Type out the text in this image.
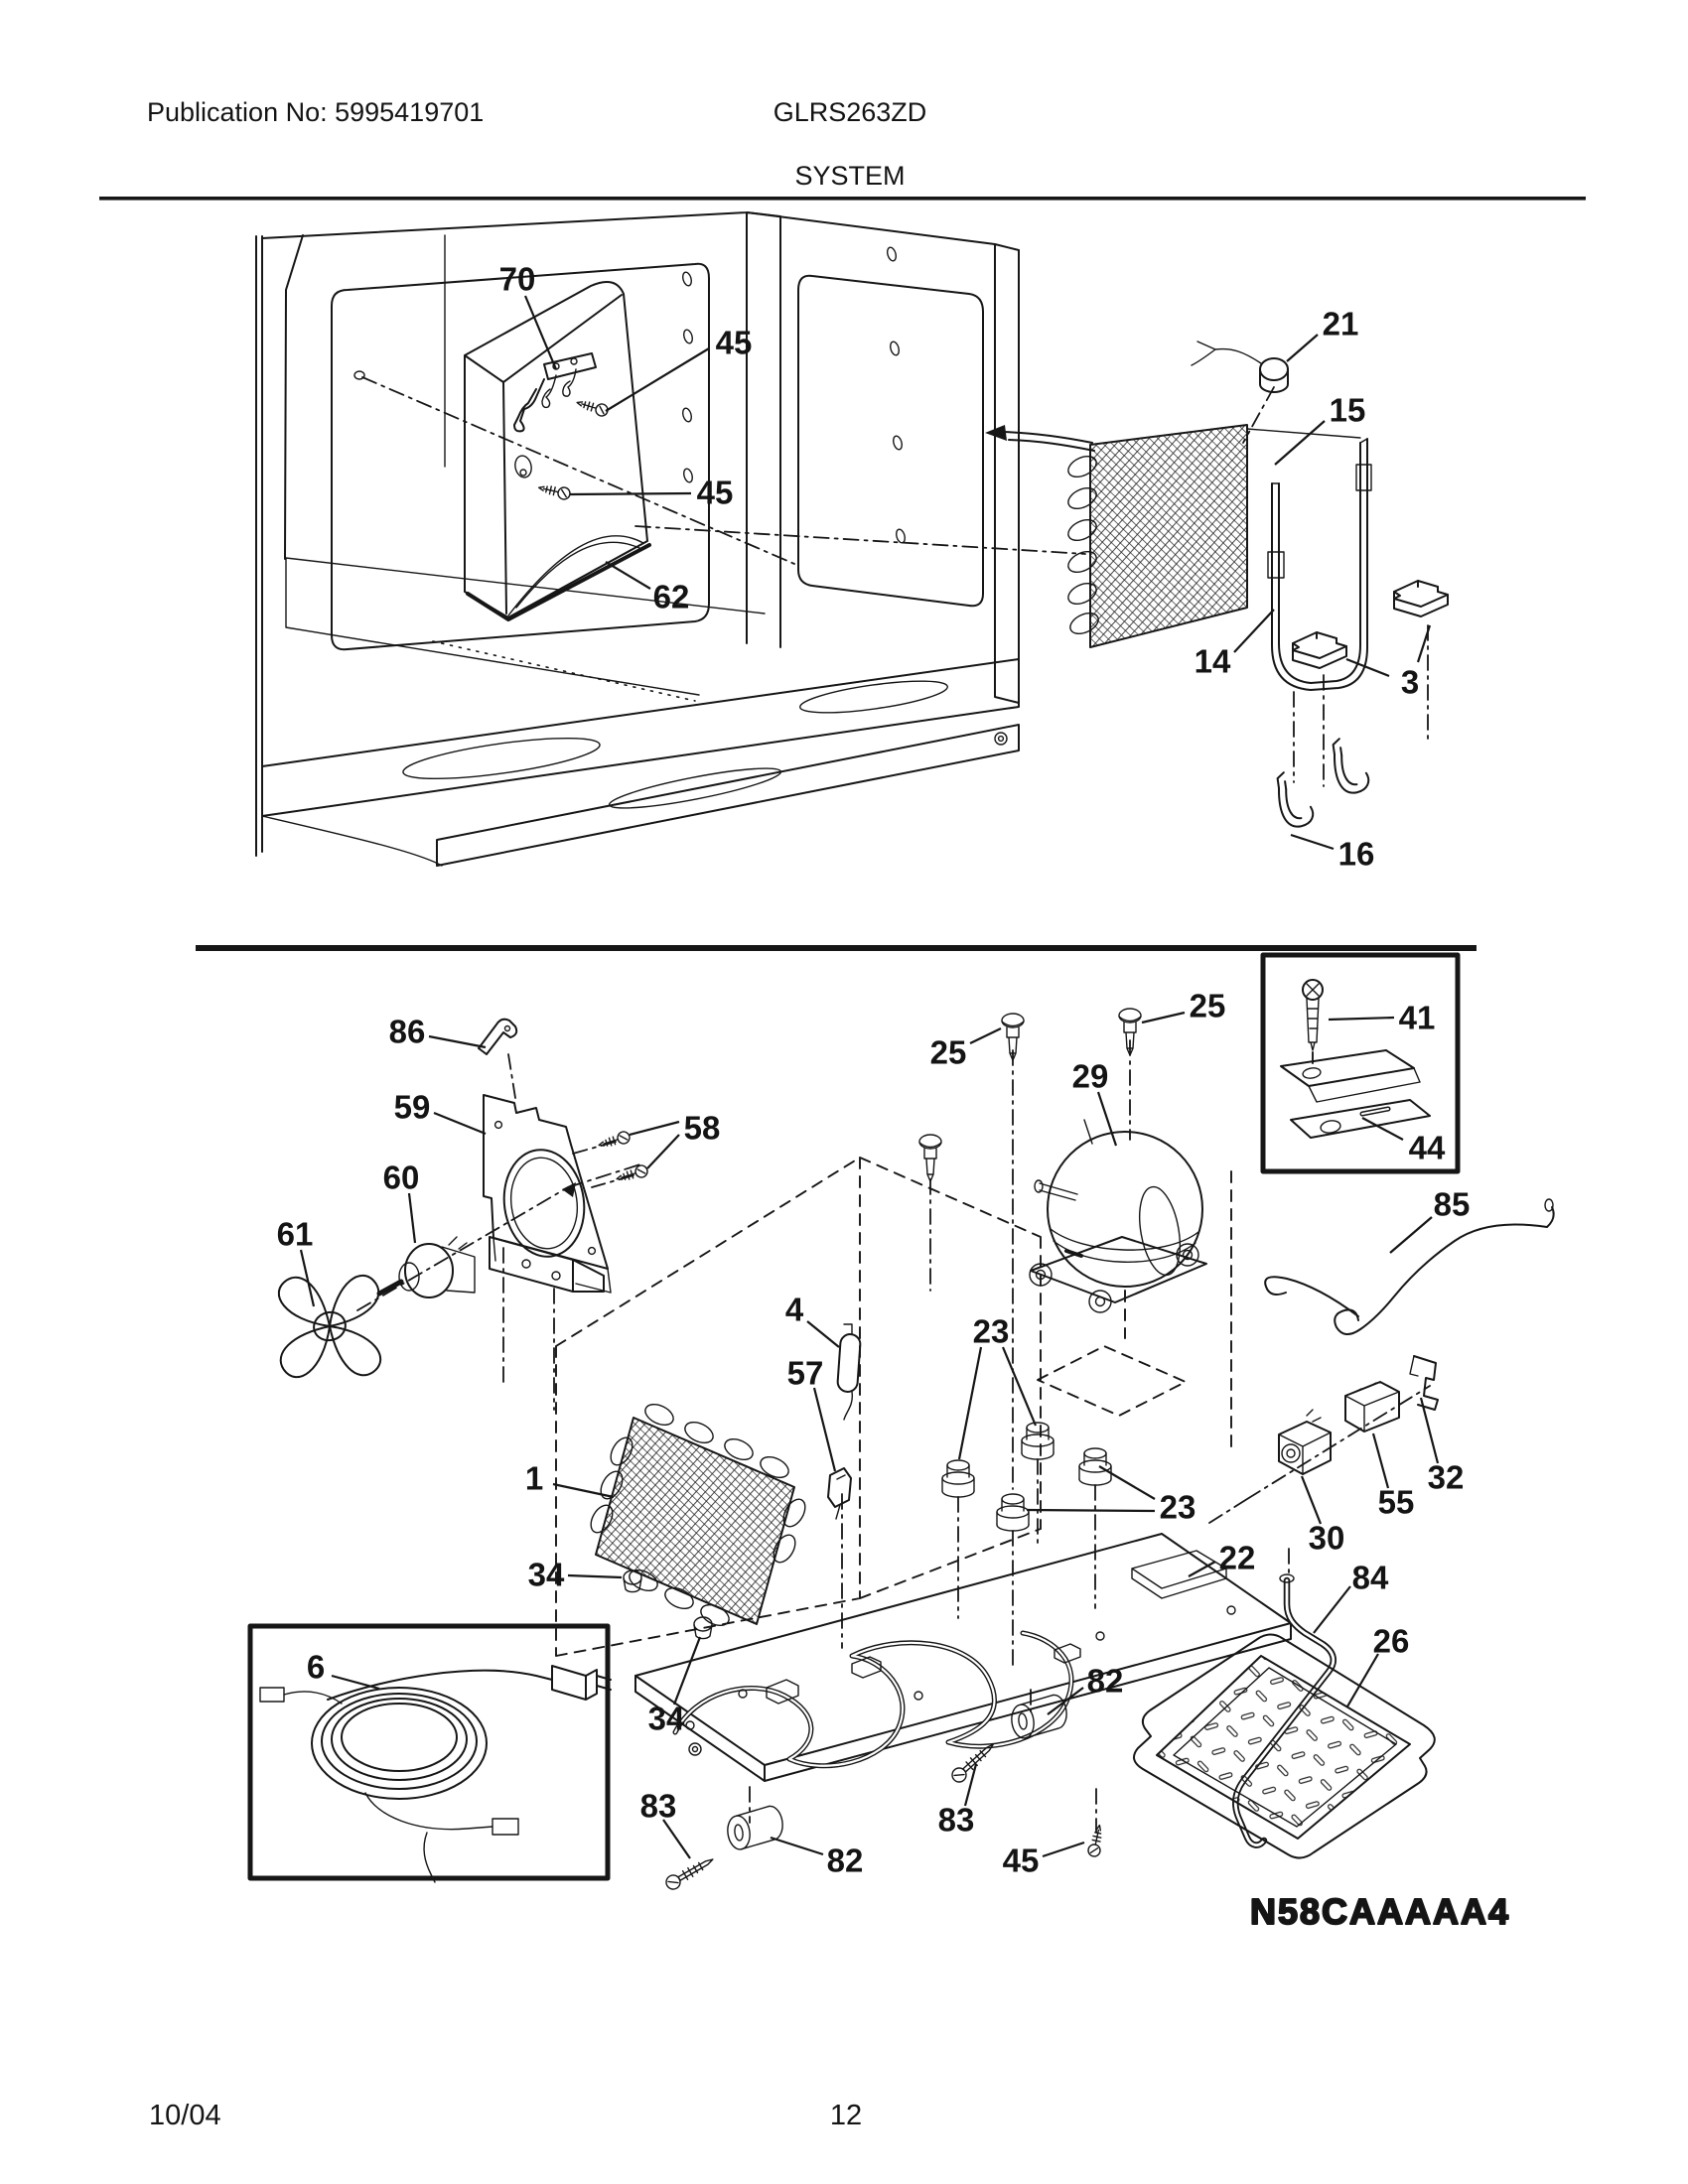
Publication No: 5995419701	GLRS263ZD
SYSTEM
N58CAAAAA4
70
45
45
62
21
15
3
14
16
86
59
60
61
58
25
25
29
41
44
85
4
57
23
23
1
34
34
6
30
55
32
22
84
26
82
83
82
83
45
10/04	12
